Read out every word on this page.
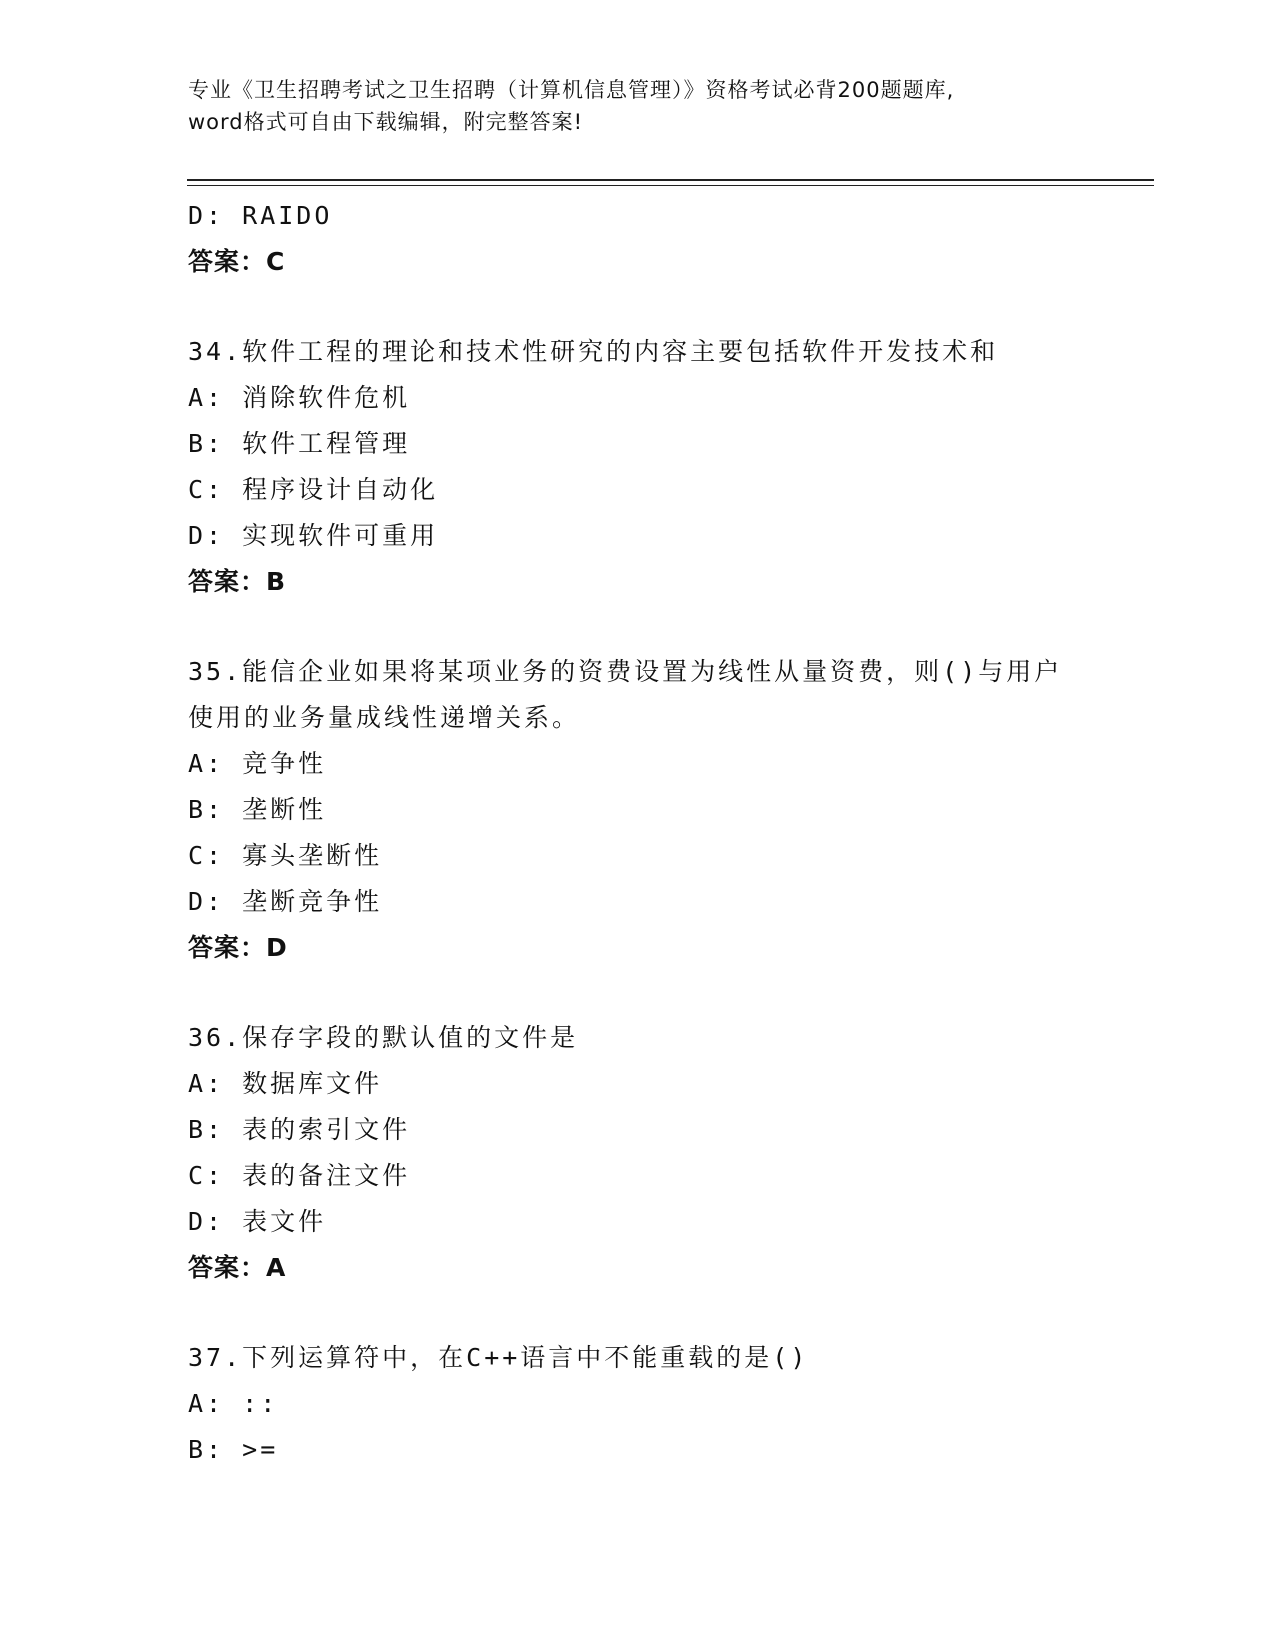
专业《卫生招聘考试之卫生招聘（计算机信息管理）》资格考试必背200题题库,
word格式可自由下载编辑，附完整答案!
D: RAIDO
答案：C
34.软件工程的理论和技术性研究的内容主要包括软件开发技术和
A: 消除软件危机
B: 软件工程管理
C: 程序设计自动化
D: 实现软件可重用
答案：B
35.能信企业如果将某项业务的资费设置为线性从量资费，则()与用户
使用的业务量成线性递增关系。
A: 竞争性
B: 垄断性
C: 寡头垄断性
D: 垄断竞争性
答案：D
36.保存字段的默认值的文件是
A: 数据库文件
B: 表的索引文件
C: 表的备注文件
D: 表文件
答案：A
37.下列运算符中，在C++语言中不能重载的是()
A: ::
B: >=
